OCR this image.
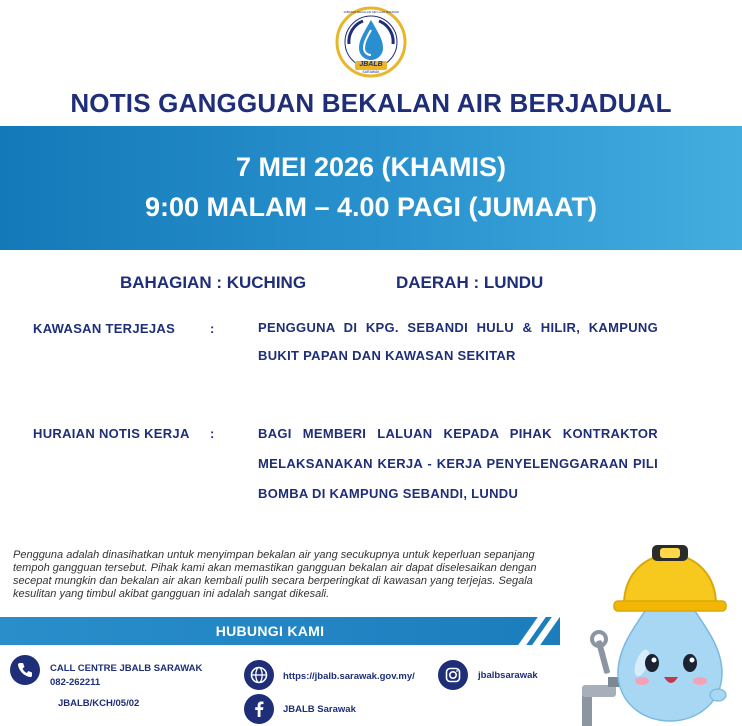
JABATAN BEKALAN AIR LUAR BANDAR
JBALB
SARAWAK
NOTIS GANGGUAN BEKALAN AIR BERJADUAL
7 MEI 2026 (KHAMIS)
9:00 MALAM – 4.00 PAGI (JUMAAT)
BAHAGIAN : KUCHING	DAERAH : LUNDU
KAWASAN TERJEJAS	:	PENGGUNA DI KPG. SEBANDI HULU & HILIR, KAMPUNG BUKIT PAPAN DAN KAWASAN SEKITAR
HURAIAN NOTIS KERJA :	BAGI MEMBERI LALUAN KEPADA PIHAK KONTRAKTOR MELAKSANAKAN KERJA - KERJA PENYELENGGARAAN PILI BOMBA DI KAMPUNG SEBANDI, LUNDU
Pengguna adalah dinasihatkan untuk menyimpan bekalan air yang secukupnya untuk keperluan sepanjang tempoh gangguan tersebut. Pihak kami akan memastikan gangguan bekalan air dapat diselesaikan dengan secepat mungkin dan bekalan air akan kembali pulih secara berperingkat di kawasan yang terjejas. Segala kesulitan yang timbul akibat gangguan ini adalah sangat dikesali.
HUBUNGI KAMI
CALL CENTRE JBALB SARAWAK
082-262211
JBALB/KCH/05/02
https://jbalb.sarawak.gov.my/	jbalbsarawak
JBALB Sarawak
